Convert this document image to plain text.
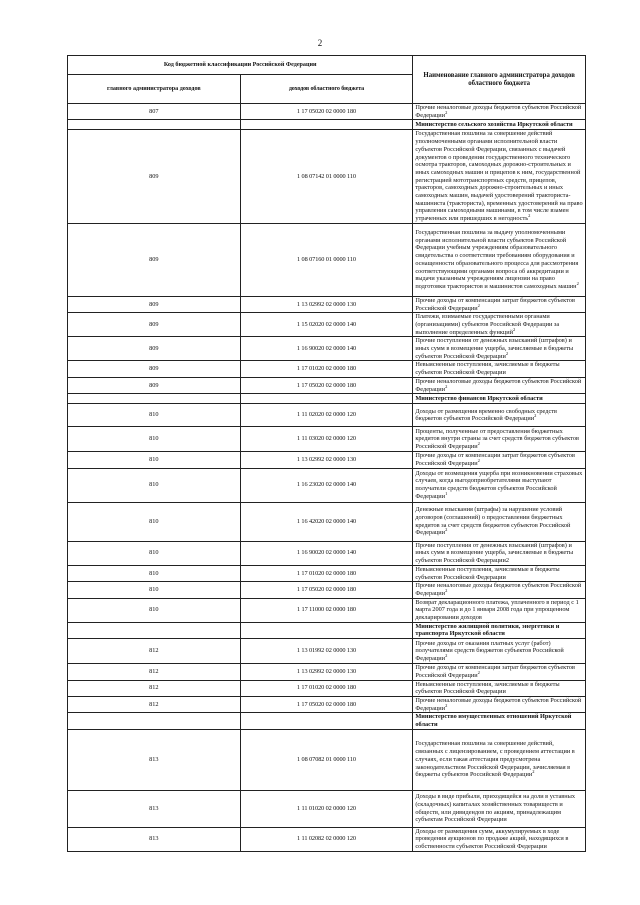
2
Код бюджетной классификации Российской Федерации		Наименование главного администратора доходов областного бюджета
главного администратора доходов	доходов областного бюджета	
807	1 17 05020 02 0000 180	Прочие неналоговые доходы бюджетов субъектов Российской Федерации$^2$
		Министерство сельского хозяйства Иркутской области
809	1 08 07142 01 0000 110	Государственная пошлина за совершение действий уполномоченными органами исполнительной власти субъектов Российской Федерации, связанных с выдачей документов о проведении государственного технического осмотра тракторов, самоходных дорожно-строительных и иных самоходных машин и прицепов к ним, государственной регистрацией мототранспортных средств, прицепов, тракторов, самоходных дорожно-строительных и иных самоходных машин, выдачей удостоверений тракториста-машиниста (тракториста), временных удостоверений на право управления самоходными машинами, в том числе взамен утраченных или пришедших в негодность$^2$
809	1 08 07160 01 0000 110	Государственная пошлина за выдачу уполномоченными органами исполнительной власти субъектов Российской Федерации учебным учреждениям образовательного свидетельства о соответствии требованиям оборудования и оснащенности образовательного процесса для рассмотрения соответствующими органами вопроса об аккредитации и выдачи указанным учреждениям лицензии на право подготовки трактористов и машинистов самоходных машин$^2$
809	1 13 02992 02 0000 130	Прочие доходы от компенсации затрат бюджетов субъектов Российской Федерации$^2$
809	1 15 02020 02 0000 140	Платежи, взимаемые государственными органами (организациями) субъектов Российской Федерации за выполнение определенных функций$^2$
809	1 16 90020 02 0000 140	Прочие поступления от денежных взысканий (штрафов) и иных сумм в возмещение ущерба, зачисляемые в бюджеты субъектов Российской Федерации$^2$
809	1 17 01020 02 0000 180	Невыясненные поступления, зачисляемые в бюджеты субъектов Российской Федерации
809	1 17 05020 02 0000 180	Прочие неналоговые доходы бюджетов субъектов Российской Федерации$^2$
		Министерство финансов Иркутской области
810	1 11 02020 02 0000 120	Доходы от размещения временно свободных средств бюджетов субъектов Российской Федерации$^2$
810	1 11 03020 02 0000 120	Проценты, полученные от предоставления бюджетных кредитов внутри страны за счет средств бюджетов субъектов Российской Федерации$^2$
810	1 13 02992 02 0000 130	Прочие доходы от компенсации затрат бюджетов субъектов Российской Федерации$^2$
810	1 16 23020 02 0000 140	Доходы от возмещения ущерба при возникновении страховых случаев, когда выгодоприобретателями выступают получатели средств бюджетов субъектов Российской Федерации$^1$
810	1 16 42020 02 0000 140	Денежные взыскания (штрафы) за нарушение условий договоров (соглашений) о предоставлении бюджетных кредитов за счет средств бюджетов субъектов Российской Федерации$^2$
810	1 16 90020 02 0000 140	Прочие поступления от денежных взысканий (штрафов) и иных сумм в возмещение ущерба, зачисляемые в бюджеты субъектов Российской Федерации2
810	1 17 01020 02 0000 180	Невыясненные поступления, зачисляемые в бюджеты субъектов Российской Федерации
810	1 17 05020 02 0000 180	Прочие неналоговые доходы бюджетов субъектов Российской Федерации$^2$
810	1 17 11000 02 0000 180	Возврат декларационного платежа, уплаченного в период с 1 марта 2007 года и до 1 января 2008 года при упрощенном декларировании доходов
		Министерство жилищной политики, энергетики и транспорта Иркутской области
812	1 13 01992 02 0000 130	Прочие доходы от оказания платных услуг (работ) получателями средств бюджетов субъектов Российской Федерации$^2$
812	1 13 02992 02 0000 130	Прочие доходы от компенсации затрат бюджетов субъектов Российской Федерации$^2$
812	1 17 01020 02 0000 180	Невыясненные поступления, зачисляемые в бюджеты субъектов Российской Федерации
812	1 17 05020 02 0000 180	Прочие неналоговые доходы бюджетов субъектов Российской Федерации$^2$
		Министерство имущественных отношений Иркутской области
813	1 08 07082 01 0000 110	Государственная пошлина за совершение действий, связанных с лицензированием, с проведением аттестации в случаях, если такая аттестация предусмотрена законодательством Российской Федерации, зачисляемая в бюджеты субъектов Российской Федерации$^2$
813	1 11 01020 02 0000 120	Доходы в виде прибыли, приходящейся на доли в уставных (складочных) капиталах хозяйственных товариществ и обществ, или дивидендов по акциям, принадлежащим субъектам Российской Федерации
813	1 11 02082 02 0000 120	Доходы от размещения сумм, аккумулируемых в ходе проведения аукционов по продаже акций, находящихся в собственности субъектов Российской Федерации
